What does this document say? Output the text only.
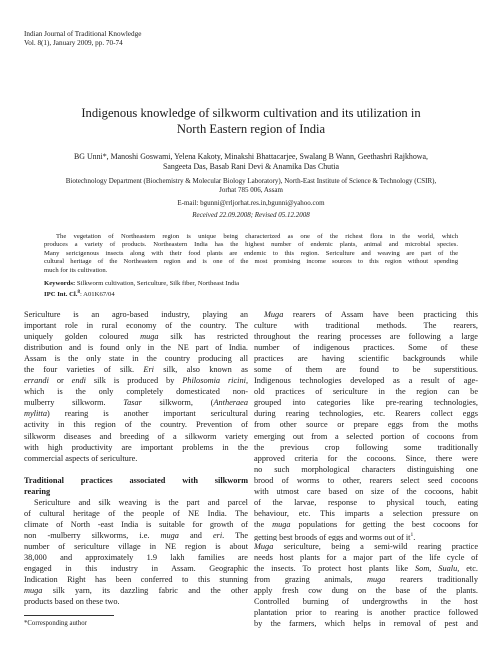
Indian Journal of Traditional Knowledge
Vol. 8(1), January 2009, pp. 70-74
Indigenous knowledge of silkworm cultivation and its utilization in
North Eastern region of India
BG Unni*, Manoshi Goswami, Yelena Kakoty, Minakshi Bhattacarjee, Swalang B Wann, Geethashri Rajkhowa,
Sangeeta Das, Basab Rani Devi & Anamika Das Chutia
Biotechnology Department (Biochemistry & Molecular Biology Laboratory), North-East Institute of Science & Technology (CSIR),
Jorhat 785 006, Assam
E-mail: bgunni@rrljorhat.res.in,bgunni@yahoo.com
Received 22.09.2008; Revised 05.12.2008
The vegetation of Northeastern region is unique being characterized as one of the richest flora in the world, which
produces a variety of products. Northeastern India has the highest number of endemic plants, animal and microbial species.
Many sericigenous insects along with their food plants are endemic to this region. Sericulture and weaving are part of the
cultural heritage of the Northeastern region and is one of the most promising income sources to this region without spending
much for its cultivation.
Keywords: Silkworm cultivation, Sericulture, Silk fiber, Northeast India
IPC Int. Cl.$^8$: A01K67/04
Sericulture is an agro-based industry, playing an
important role in rural economy of the country. The
uniquely golden coloured muga silk has restricted
distribution and is found only in the NE part of India.
Assam is the only state in the country producing all
the four varieties of silk. Eri silk, also known as
errandi or endi silk is produced by Philosomia ricini,
which is the only completely domesticated non-
mulberry silkworm. Tasar silkworm, (Antheraea
mylitta) rearing is another important sericultural
activity in this region of the country. Prevention of
silkworm diseases and breeding of a silkworm variety
with high productivity are important problems in the
commercial aspects of sericulture.
Traditional practices associated with silkworm
rearing
Sericulture and silk weaving is the part and parcel
of cultural heritage of the people of NE India. The
climate of North -east India is suitable for growth of
non -mulberry silkworms, i.e. muga and eri. The
number of sericulture village in NE region is about
38,000 and approximately 1.9 lakh families are
engaged in this industry in Assam. Geographic
Indication Right has been conferred to this stunning
muga silk yarn, its dazzling fabric and the other
products based on these two.
Muga rearers of Assam have been practicing this
culture with traditional methods. The rearers,
throughout the rearing processes are following a large
number of indigenous practices. Some of these
practices are having scientific backgrounds while
some of them are found to be superstitious.
Indigenous technologies developed as a result of age-
old practices of sericulture in the region can be
grouped into categories like pre-rearing technologies,
during rearing technologies, etc. Rearers collect eggs
from other source or prepare eggs from the moths
emerging out from a selected portion of cocoons from
the previous crop following some traditionally
approved criteria for the cocoons. Since, there were
no such morphological characters distinguishing one
brood of worms to other, rearers select seed cocoons
with utmost care based on size of the cocoons, habit
of the larvae, response to physical touch, eating
behaviour, etc. This imparts a selection pressure on
the muga populations for getting the best cocoons for
getting best broods of eggs and worms out of $it^1$.
Muga sericulture, being a semi-wild rearing practice
needs host plants for a major part of the life cycle of
the insects. To protect host plants like Som, Sualu, etc.
from grazing animals, muga rearers traditionally
apply fresh cow dung on the base of the plants.
Controlled burning of undergrowths in the host
plantation prior to rearing is another practice followed
by the farmers, which helps in removal of pest and
*Corresponding author
